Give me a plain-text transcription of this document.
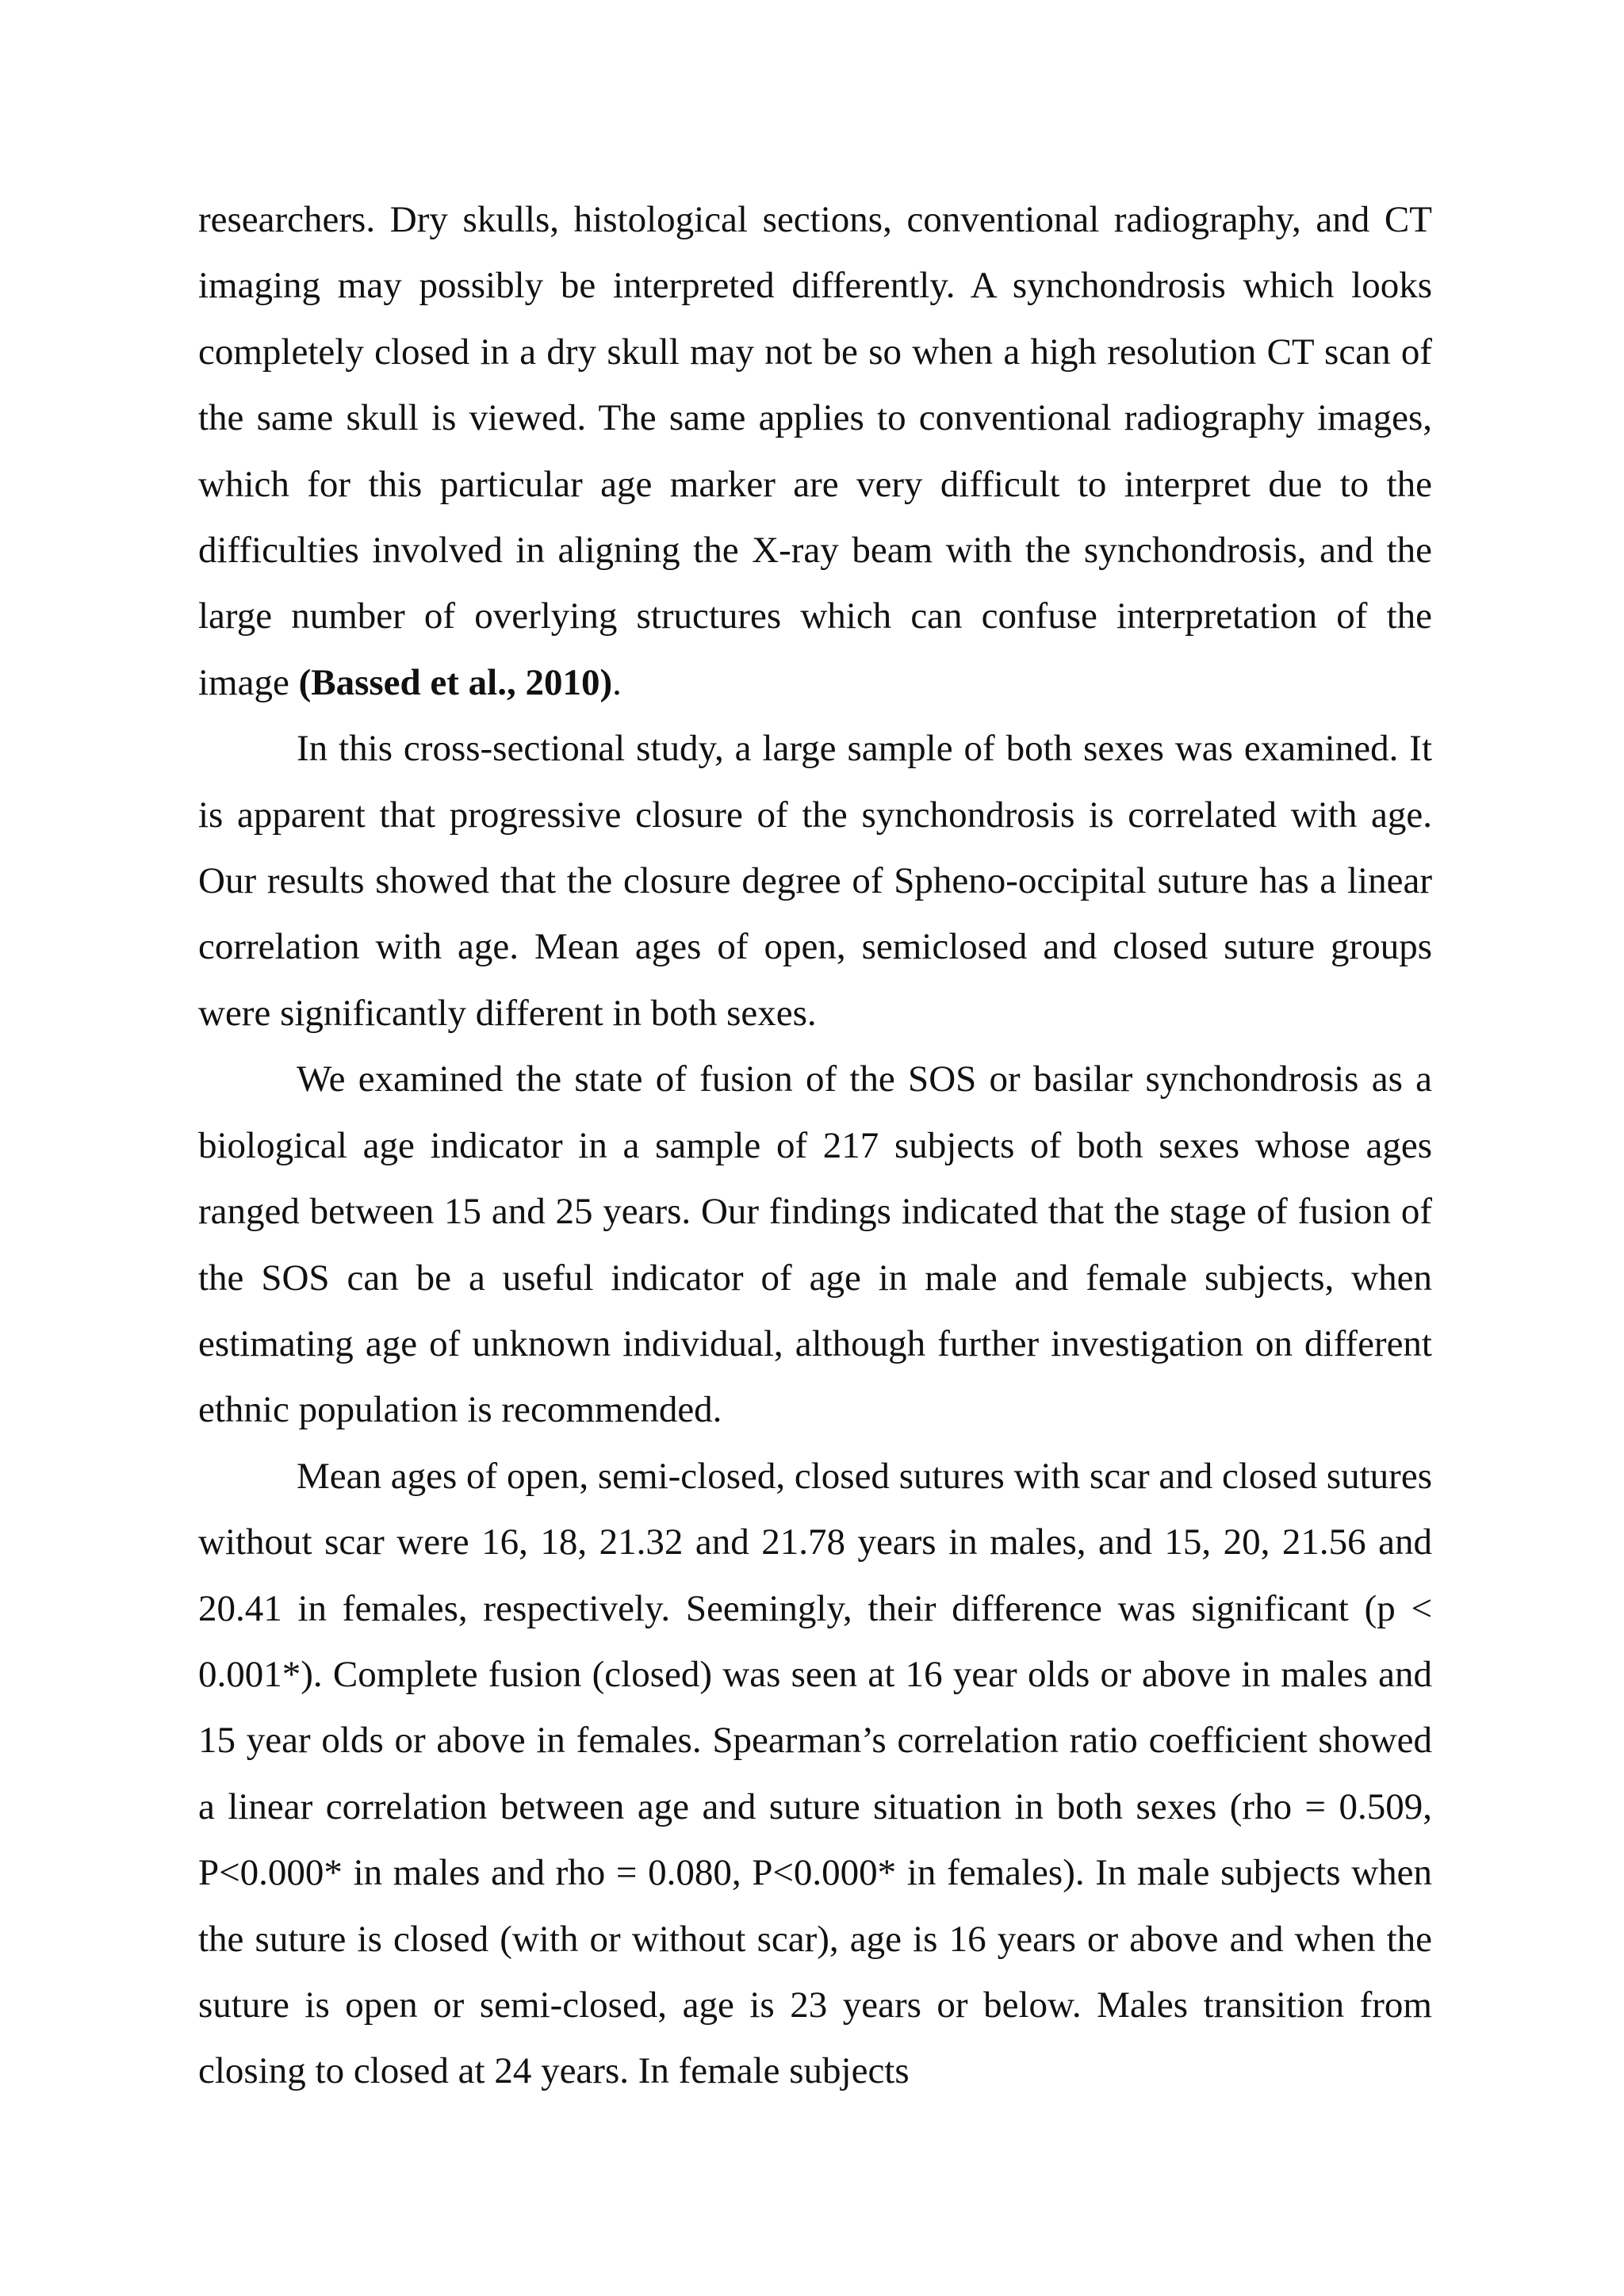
researchers. Dry skulls, histological sections, conventional radiography, and CT imaging may possibly be interpreted differently. A synchondrosis which looks completely closed in a dry skull may not be so when a high resolution CT scan of the same skull is viewed. The same applies to conventional radiography images, which for this particular age marker are very difficult to interpret due to the difficulties involved in aligning the X-ray beam with the synchondrosis, and the large number of overlying structures which can confuse interpretation of the image (Bassed et al., 2010).

In this cross-sectional study, a large sample of both sexes was examined. It is apparent that progressive closure of the synchondrosis is correlated with age. Our results showed that the closure degree of Spheno-occipital suture has a linear correlation with age. Mean ages of open, semiclosed and closed suture groups were significantly different in both sexes.

We examined the state of fusion of the SOS or basilar synchondrosis as a biological age indicator in a sample of 217 subjects of both sexes whose ages ranged between 15 and 25 years. Our findings indicated that the stage of fusion of the SOS can be a useful indicator of age in male and female subjects, when estimating age of unknown individual, although further investigation on different ethnic population is recommended.

Mean ages of open, semi-closed, closed sutures with scar and closed sutures without scar were 16, 18, 21.32 and 21.78 years in males, and 15, 20, 21.56 and 20.41 in females, respectively. Seemingly, their difference was significant (p < 0.001*). Complete fusion (closed) was seen at 16 year olds or above in males and 15 year olds or above in females. Spearman’s correlation ratio coefficient showed a linear correlation between age and suture situation in both sexes (rho = 0.509, P<0.000* in males and rho = 0.080, P<0.000* in females). In male subjects when the suture is closed (with or without scar), age is 16 years or above and when the suture is open or semi-closed, age is 23 years or below. Males transition from closing to closed at 24 years. In female subjects
